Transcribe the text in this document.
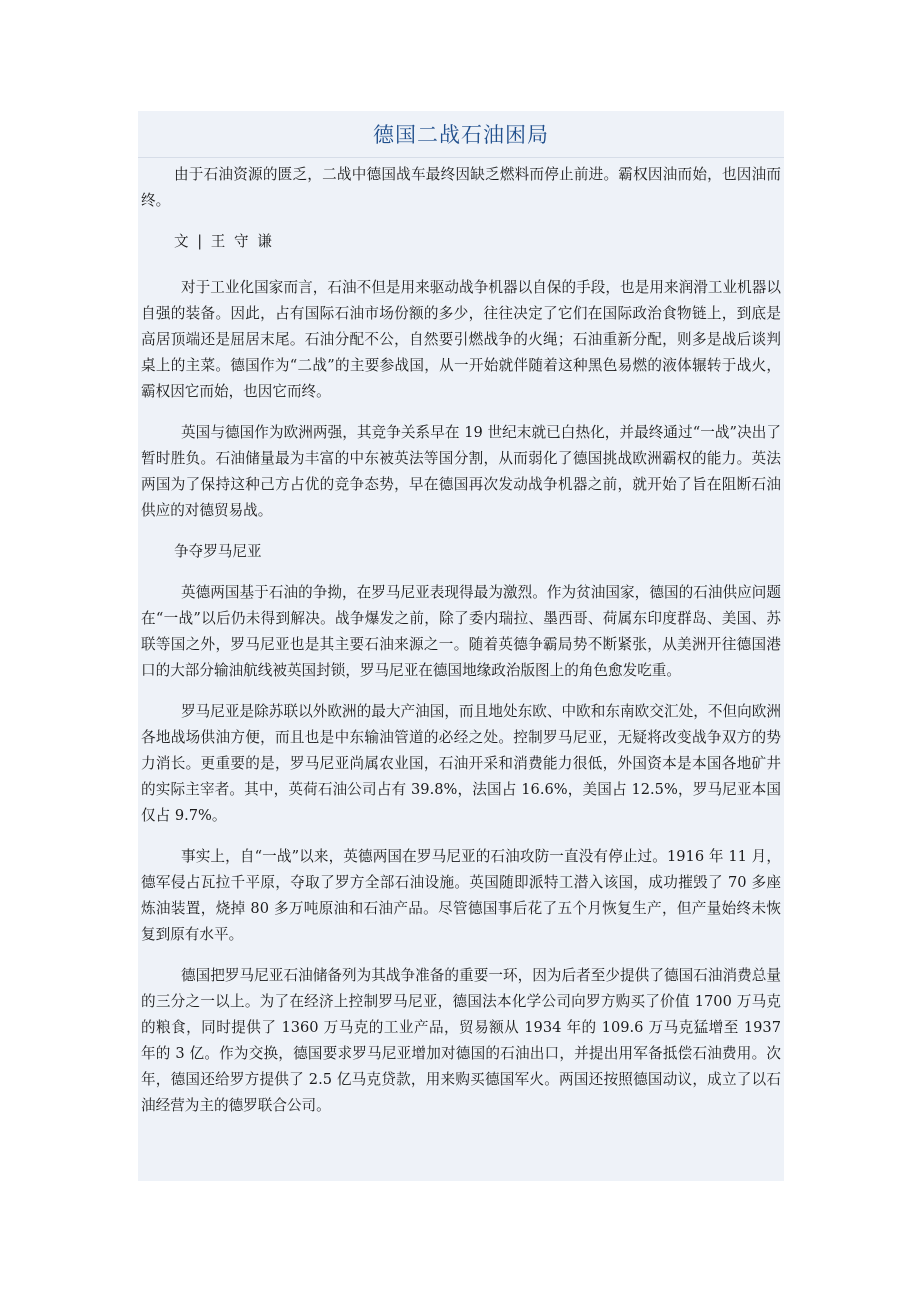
德国二战石油困局

由于石油资源的匮乏，二战中德国战车最终因缺乏燃料而停止前进。霸权因油而始，也因油而终。

文 | 王 守 谦

对于工业化国家而言，石油不但是用来驱动战争机器以自保的手段，也是用来润滑工业机器以自强的装备。因此，占有国际石油市场份额的多少，往往决定了它们在国际政治食物链上，到底是高居顶端还是屈居末尾。石油分配不公，自然要引燃战争的火绳；石油重新分配，则多是战后谈判桌上的主菜。德国作为“二战”的主要参战国，从一开始就伴随着这种黑色易燃的液体辗转于战火，霸权因它而始，也因它而终。

英国与德国作为欧洲两强，其竞争关系早在 19 世纪末就已白热化，并最终通过“一战”决出了暂时胜负。石油储量最为丰富的中东被英法等国分割，从而弱化了德国挑战欧洲霸权的能力。英法两国为了保持这种己方占优的竞争态势，早在德国再次发动战争机器之前，就开始了旨在阻断石油供应的对德贸易战。

争夺罗马尼亚

英德两国基于石油的争拗，在罗马尼亚表现得最为激烈。作为贫油国家，德国的石油供应问题在“一战”以后仍未得到解决。战争爆发之前，除了委内瑞拉、墨西哥、荷属东印度群岛、美国、苏联等国之外，罗马尼亚也是其主要石油来源之一。随着英德争霸局势不断紧张，从美洲开往德国港口的大部分输油航线被英国封锁，罗马尼亚在德国地缘政治版图上的角色愈发吃重。

罗马尼亚是除苏联以外欧洲的最大产油国，而且地处东欧、中欧和东南欧交汇处，不但向欧洲各地战场供油方便，而且也是中东输油管道的必经之处。控制罗马尼亚，无疑将改变战争双方的势力消长。更重要的是，罗马尼亚尚属农业国，石油开采和消费能力很低，外国资本是本国各地矿井的实际主宰者。其中，英荷石油公司占有 39.8%，法国占 16.6%，美国占 12.5%，罗马尼亚本国仅占 9.7%。

事实上，自“一战”以来，英德两国在罗马尼亚的石油攻防一直没有停止过。1916 年 11 月，德军侵占瓦拉千平原，夺取了罗方全部石油设施。英国随即派特工潜入该国，成功摧毁了 70 多座炼油装置，烧掉 80 多万吨原油和石油产品。尽管德国事后花了五个月恢复生产，但产量始终未恢复到原有水平。

德国把罗马尼亚石油储备列为其战争准备的重要一环，因为后者至少提供了德国石油消费总量的三分之一以上。为了在经济上控制罗马尼亚，德国法本化学公司向罗方购买了价值 1700 万马克的粮食，同时提供了 1360 万马克的工业产品，贸易额从 1934 年的 109.6 万马克猛增至 1937 年的 3 亿。作为交换，德国要求罗马尼亚增加对德国的石油出口，并提出用军备抵偿石油费用。次年，德国还给罗方提供了 2.5 亿马克贷款，用来购买德国军火。两国还按照德国动议，成立了以石油经营为主的德罗联合公司。
